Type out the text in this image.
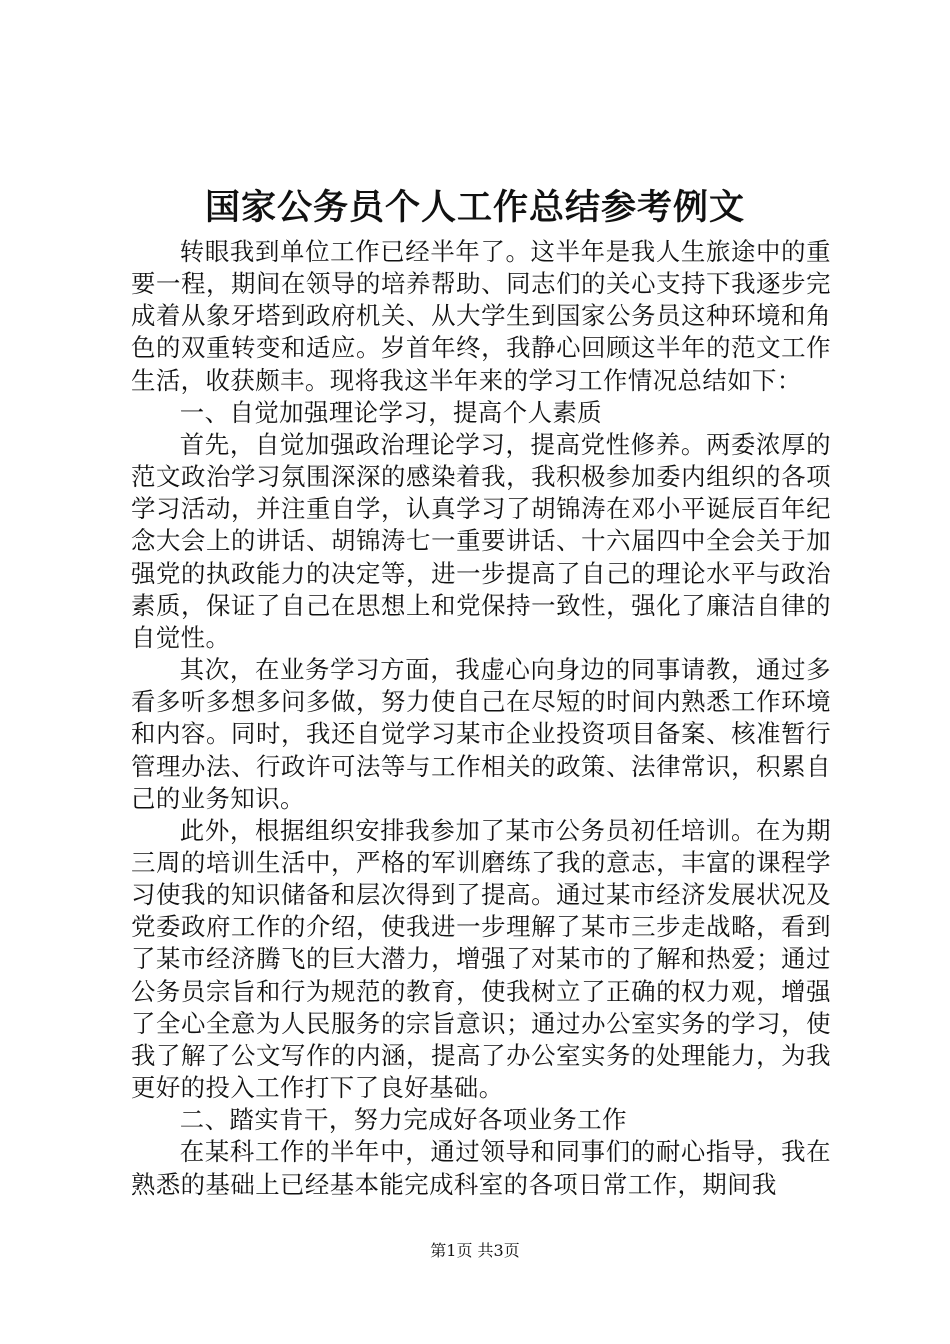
国家公务员个人工作总结参考例文

转眼我到单位工作已经半年了。这半年是我人生旅途中的重要一程，期间在领导的培养帮助、同志们的关心支持下我逐步完成着从象牙塔到政府机关、从大学生到国家公务员这种环境和角色的双重转变和适应。岁首年终，我静心回顾这半年的范文工作生活，收获颇丰。现将我这半年来的学习工作情况总结如下：

一、自觉加强理论学习，提高个人素质

首先，自觉加强政治理论学习，提高党性修养。两委浓厚的范文政治学习氛围深深的感染着我，我积极参加委内组织的各项学习活动，并注重自学，认真学习了胡锦涛在邓小平诞辰百年纪念大会上的讲话、胡锦涛七一重要讲话、十六届四中全会关于加强党的执政能力的决定等，进一步提高了自己的理论水平与政治素质，保证了自己在思想上和党保持一致性，强化了廉洁自律的自觉性。

其次，在业务学习方面，我虚心向身边的同事请教，通过多看多听多想多问多做，努力使自己在尽短的时间内熟悉工作环境和内容。同时，我还自觉学习某市企业投资项目备案、核准暂行管理办法、行政许可法等与工作相关的政策、法律常识，积累自己的业务知识。

此外，根据组织安排我参加了某市公务员初任培训。在为期三周的培训生活中，严格的军训磨练了我的意志，丰富的课程学习使我的知识储备和层次得到了提高。通过某市经济发展状况及党委政府工作的介绍，使我进一步理解了某市三步走战略，看到了某市经济腾飞的巨大潜力，增强了对某市的了解和热爱；通过公务员宗旨和行为规范的教育，使我树立了正确的权力观，增强了全心全意为人民服务的宗旨意识；通过办公室实务的学习，使我了解了公文写作的内涵，提高了办公室实务的处理能力，为我更好的投入工作打下了良好基础。

二、踏实肯干，努力完成好各项业务工作

在某科工作的半年中，通过领导和同事们的耐心指导，我在熟悉的基础上已经基本能完成科室的各项日常工作，期间我

第1页 共3页
